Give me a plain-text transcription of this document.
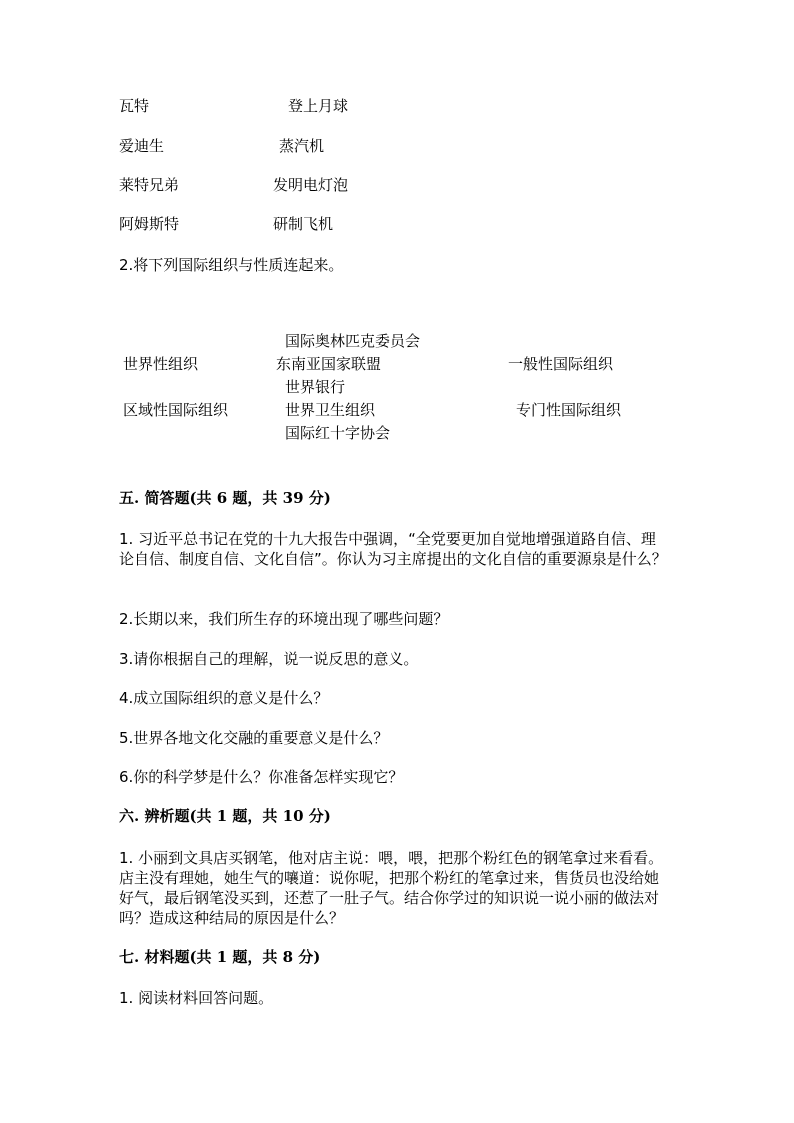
瓦特	登上月球
爱迪生	蒸汽机
莱特兄弟	发明电灯泡
阿姆斯特	研制飞机
2.将下列国际组织与性质连起来。
国际奥林匹克委员会
世界性组织	东南亚国家联盟	一般性国际组织
世界银行
区域性国际组织	世界卫生组织	专门性国际组织
国际红十字协会
五. 简答题(共 6 题，共 39 分)
1. 习近平总书记在党的十九大报告中强调，“全党要更加自觉地增强道路自信、理论自信、制度自信、文化自信”。你认为习主席提出的文化自信的重要源泉是什么？
2.长期以来，我们所生存的环境出现了哪些问题？
3.请你根据自己的理解，说一说反思的意义。
4.成立国际组织的意义是什么？
5.世界各地文化交融的重要意义是什么？
6.你的科学梦是什么？你准备怎样实现它？
六. 辨析题(共 1 题，共 10 分)
1. 小丽到文具店买钢笔，他对店主说：喂，喂，把那个粉红色的钢笔拿过来看看。店主没有理她，她生气的嚷道：说你呢，把那个粉红的笔拿过来，售货员也没给她好气，最后钢笔没买到，还惹了一肚子气。结合你学过的知识说一说小丽的做法对吗？造成这种结局的原因是什么？
七. 材料题(共 1 题，共 8 分)
1. 阅读材料回答问题。
